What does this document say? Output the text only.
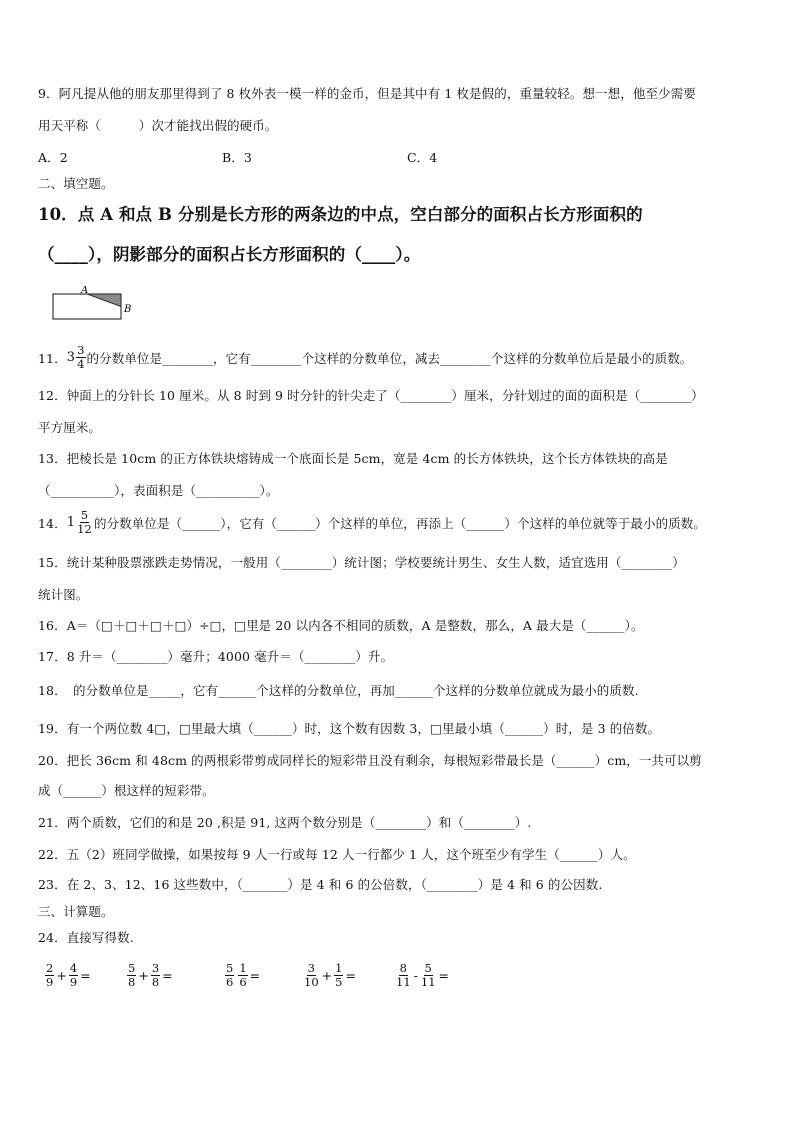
9．阿凡提从他的朋友那里得到了 8 枚外表一模一样的金币，但是其中有 1 枚是假的，重量较轻。想一想，他至少需要
用天平称（　　　）次才能找出假的硬币。
A．2	B．3	C．4
二、填空题。
10．点 A 和点 B 分别是长方形的两条边的中点，空白部分的面积占长方形面积的
（____），阴影部分的面积占长方形面积的（____）。
A
B
11． $3 \frac{3}{4}$ 的分数单位是________，它有________个这样的分数单位，减去________个这样的分数单位后是最小的质数。
12．钟面上的分针长 10 厘米。从 8 时到 9 时分针的针尖走了（________）厘米，分针划过的面的面积是（________）
平方厘米。
13．把棱长是 10cm 的正方体铁块熔铸成一个底面长是 5cm，宽是 4cm 的长方体铁块，这个长方体铁块的高是
（__________），表面积是（__________）。
14． $1 \frac{5}{12}$ 的分数单位是（______），它有（______）个这样的单位，再添上（______）个这样的单位就等于最小的质数。
15．统计某种股票涨跌走势情况，一般用（________）统计图；学校要统计男生、女生人数，适宜选用（________）
统计图。
16．A＝（□＋□＋□＋□）÷□，□里是 20 以内各不相同的质数，A 是整数，那么，A 最大是（______）。
17．8 升＝（________）毫升；4000 毫升＝（________）升。
18．　的分数单位是_____，它有______个这样的分数单位，再加______个这样的分数单位就成为最小的质数.
19．有一个两位数 4□，□里最大填（______）时，这个数有因数 3，□里最小填（______）时，是 3 的倍数。
20．把长 36cm 和 48cm 的两根彩带剪成同样长的短彩带且没有剩余，每根短彩带最长是（______）cm，一共可以剪
成（______）根这样的短彩带。
21．两个质数，它们的和是 20 ,积是 91, 这两个数分别是（________）和（________）.
22．五（2）班同学做操，如果按每 9 人一行或每 12 人一行都少 1 人，这个班至少有学生（______）人。
23．在 2、3、12、16 这些数中，（_______）是 4 和 6 的公倍数，（________）是 4 和 6 的公因数.
三、计算题。
24．直接写得数.
$\frac{2}{9} + \frac{4}{9}$ =	$\frac{5}{8} + \frac{3}{8}$ =	$\frac{5}{6} \frac{1}{6}$ =	$\frac{3}{10} + \frac{1}{5}$ =	$\frac{8}{11} - \frac{5}{11}$ =
